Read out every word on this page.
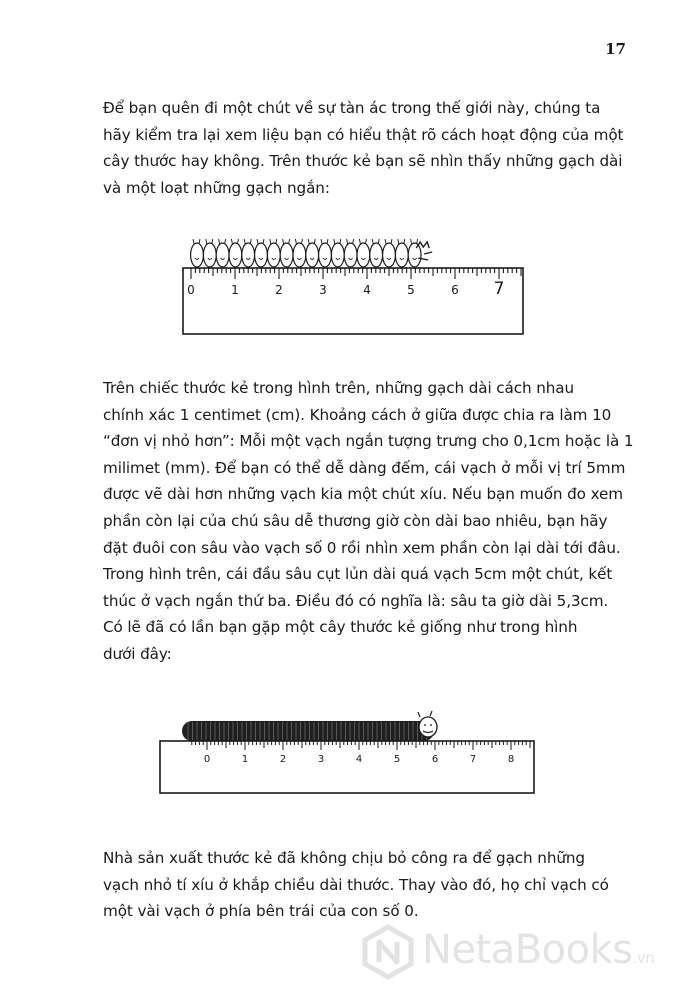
17

Để bạn quên đi một chút về sự tàn ác trong thế giới này, chúng ta
hãy kiểm tra lại xem liệu bạn có hiểu thật rõ cách hoạt động của một
cây thước hay không. Trên thước kẻ bạn sẽ nhìn thấy những gạch dài
và một loạt những gạch ngắn:

0	1	2	3	4	5	6 7

Trên chiếc thước kẻ trong hình trên, những gạch dài cách nhau
chính xác 1 centimet (cm). Khoảng cách ở giữa được chia ra làm 10
“đơn vị nhỏ hơn”: Mỗi một vạch ngắn tượng trưng cho 0,1cm hoặc là 1
milimet (mm). Để bạn có thể dễ dàng đếm, cái vạch ở mỗi vị trí 5mm
được vẽ dài hơn những vạch kia một chút xíu. Nếu bạn muốn đo xem
phần còn lại của chú sâu dễ thương giờ còn dài bao nhiêu, bạn hãy
đặt đuôi con sâu vào vạch số 0 rồi nhìn xem phần còn lại dài tới đâu.
Trong hình trên, cái đầu sâu cụt lủn dài quá vạch 5cm một chút, kết
thúc ở vạch ngắn thứ ba. Điều đó có nghĩa là: sâu ta giờ dài 5,3cm.

Có lẽ đã có lần bạn gặp một cây thước kẻ giống như trong hình
dưới đây:

0	1	2	3	4	5	6	7	8

Nhà sản xuất thước kẻ đã không chịu bỏ công ra để gạch những
vạch nhỏ tí xíu ở khắp chiều dài thước. Thay vào đó, họ chỉ vạch có
một vài vạch ở phía bên trái của con số 0.

NetaBooks.vn
